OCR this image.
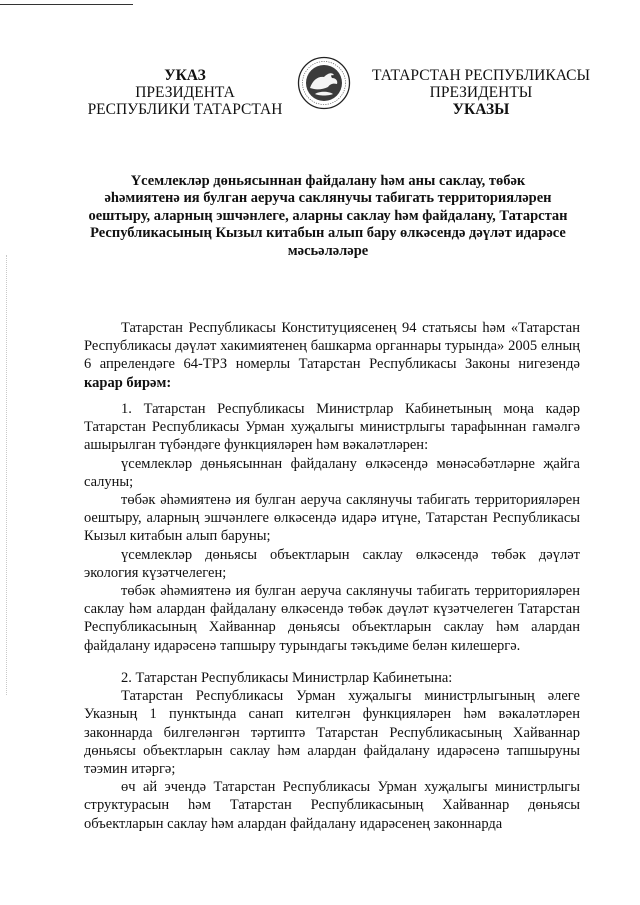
УКАЗ
ПРЕЗИДЕНТА
РЕСПУБЛИКИ ТАТАРСТАН
ТАТАРСТАН РЕСПУБЛИКАСЫ
ПРЕЗИДЕНТЫ
УКАЗЫ
Үсемлекләр дөньясыннан файдалану һәм аны саклау, төбәк
әһәмиятенә ия булган аеруча саклянучы табигать территорияләрен
оештыру, аларның эшчәнлеге, аларны саклау һәм файдалану, Татарстан
Республикасының Кызыл китабын алып бару өлкәсендә дәүләт идарәсе
мәсьәләләре

Татарстан Республикасы Конституциясенең 94 статьясы һәм «Татарстан Республикасы дәүләт хакимиятенең башкарма органнары турында» 2005 елның 6 апрелендәге 64-ТРЗ номерлы Татарстан Республикасы Законы нигезендә карар бирәм:

1. Татарстан Республикасы Министрлар Кабинетының моңа кадәр Татарстан Республикасы Урман хуҗалыгы министрлыгы тарафыннан гамәлгә ашырылган түбәндәге функцияләрен һәм вәкаләтләрен:

үсемлекләр дөньясыннан файдалану өлкәсендә мөнәсәбәтләрне җайга салуны;

төбәк әһәмиятенә ия булган аеруча саклянучы табигать территорияләрен оештыру, аларның эшчәнлеге өлкәсендә идарә итүне, Татарстан Республикасы Кызыл китабын алып баруны;

үсемлекләр дөньясы объектларын саклау өлкәсендә төбәк дәүләт экология күзәтчелеген;

төбәк әһәмиятенә ия булган аеруча саклянучы табигать территорияләрен саклау һәм алардан файдалану өлкәсендә төбәк дәүләт күзәтчелеген Татарстан Республикасының Хайваннар дөньясы объектларын саклау һәм алардан файдалану идарәсенә тапшыру турындагы тәкъдиме белән килешергә.

2. Татарстан Республикасы Министрлар Кабинетына:

Татарстан Республикасы Урман хуҗалыгы министрлыгының әлеге Указның 1 пунктында санап кителгән функцияләрен һәм вәкаләтләрен законнарда билгеләнгән тәртиптә Татарстан Республикасының Хайваннар дөньясы объектларын саклау һәм алардан файдалану идарәсенә тапшыруны тәэмин итәргә;

өч ай эчендә Татарстан Республикасы Урман хуҗалыгы министрлыгы структурасын һәм Татарстан Республикасының Хайваннар дөньясы объектларын саклау һәм алардан файдалану идарәсенең законнарда
